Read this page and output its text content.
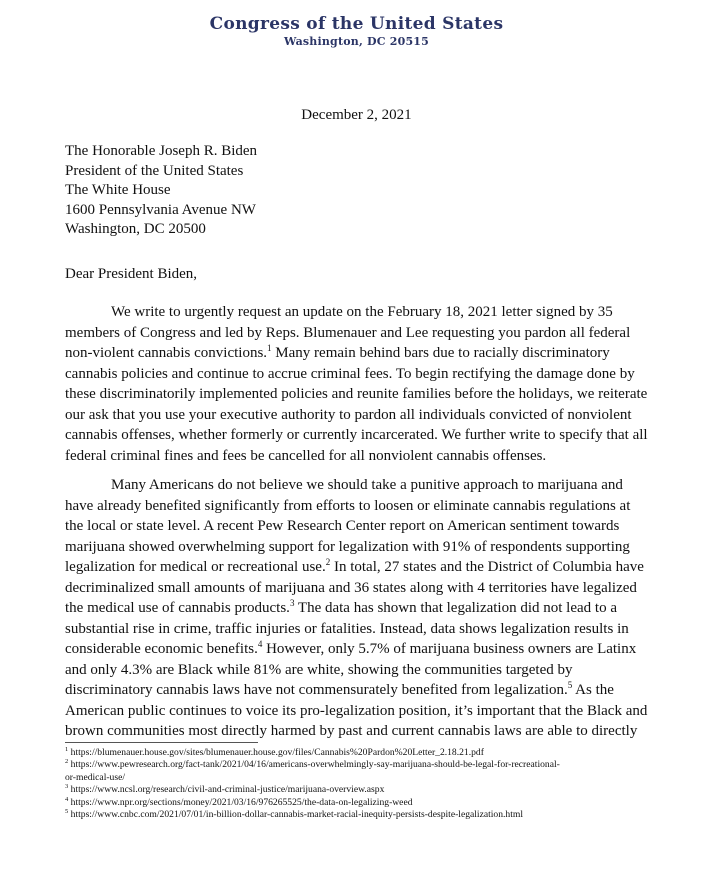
Congress of the United States
Washington, DC 20515
December 2, 2021
The Honorable Joseph R. Biden
President of the United States
The White House
1600 Pennsylvania Avenue NW
Washington, DC 20500
Dear President Biden,
We write to urgently request an update on the February 18, 2021 letter signed by 35
members of Congress and led by Reps. Blumenauer and Lee requesting you pardon all federal
non-violent cannabis convictions.$^1$ Many remain behind bars due to racially discriminatory
cannabis policies and continue to accrue criminal fees. To begin rectifying the damage done by
these discriminatorily implemented policies and reunite families before the holidays, we reiterate
our ask that you use your executive authority to pardon all individuals convicted of nonviolent
cannabis offenses, whether formerly or currently incarcerated. We further write to specify that all
federal criminal fines and fees be cancelled for all nonviolent cannabis offenses.
Many Americans do not believe we should take a punitive approach to marijuana and
have already benefited significantly from efforts to loosen or eliminate cannabis regulations at
the local or state level. A recent Pew Research Center report on American sentiment towards
marijuana showed overwhelming support for legalization with 91% of respondents supporting
legalization for medical or recreational use.$^2$ In total, 27 states and the District of Columbia have
decriminalized small amounts of marijuana and 36 states along with 4 territories have legalized
the medical use of cannabis products.$^3$ The data has shown that legalization did not lead to a
substantial rise in crime, traffic injuries or fatalities. Instead, data shows legalization results in
considerable economic benefits.$^4$ However, only 5.7% of marijuana business owners are Latinx
and only 4.3% are Black while 81% are white, showing the communities targeted by
discriminatory cannabis laws have not commensurately benefited from legalization.$^5$ As the
American public continues to voice its pro-legalization position, it’s important that the Black and
brown communities most directly harmed by past and current cannabis laws are able to directly
$^1$ https://blumenauer.house.gov/sites/blumenauer.house.gov/files/Cannabis%20Pardon%20Letter_2.18.21.pdf
$^2$ https://www.pewresearch.org/fact-tank/2021/04/16/americans-overwhelmingly-say-marijuana-should-be-legal-for-recreational-
or-medical-use/
$^3$ https://www.ncsl.org/research/civil-and-criminal-justice/marijuana-overview.aspx
$^4$ https://www.npr.org/sections/money/2021/03/16/976265525/the-data-on-legalizing-weed
$^5$ https://www.cnbc.com/2021/07/01/in-billion-dollar-cannabis-market-racial-inequity-persists-despite-legalization.html
